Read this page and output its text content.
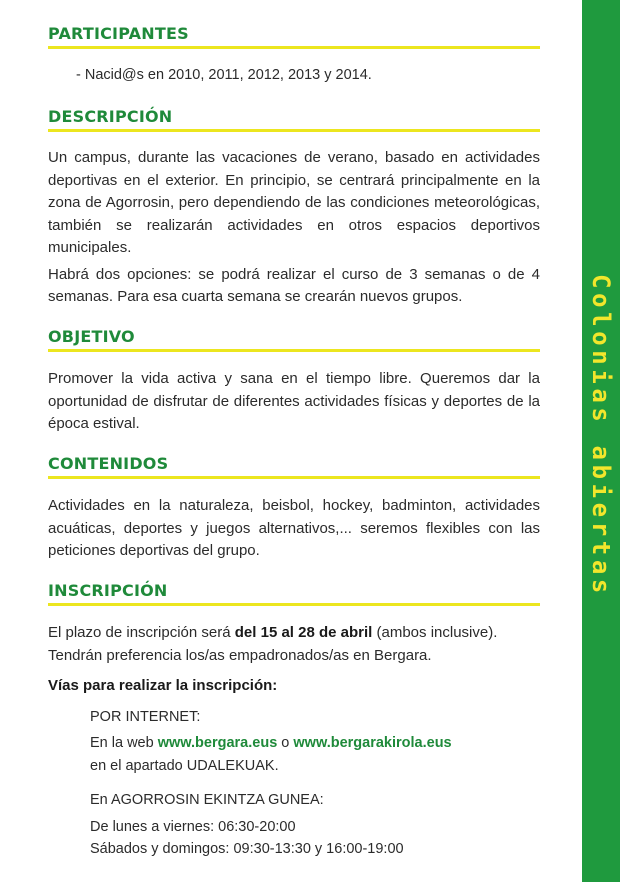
Colonias abiertas
PARTICIPANTES
- Nacid@s en 2010, 2011, 2012, 2013 y 2014.
DESCRIPCIÓN

Un campus, durante las vacaciones de verano, basado en actividades deportivas en el exterior. En principio, se centrará principalmente en la zona de Agorrosin, pero dependiendo de las condiciones meteorológicas, también se realizarán actividades en otros espacios deportivos municipales.

Habrá dos opciones: se podrá realizar el curso de 3 semanas o de 4 semanas. Para esa cuarta semana se crearán nuevos grupos.

OBJETIVO

Promover la vida activa y sana en el tiempo libre. Queremos dar la oportunidad de disfrutar de diferentes actividades físicas y deportes de la época estival.

CONTENIDOS

Actividades en la naturaleza, beisbol, hockey, badminton, actividades acuáticas, deportes y juegos alternativos,... seremos flexibles con las peticiones deportivas del grupo.

INSCRIPCIÓN

El plazo de inscripción será del 15 al 28 de abril (ambos inclusive).

Tendrán preferencia los/as empadronados/as en Bergara.

Vías para realizar la inscripción:

POR INTERNET:
En la web www.bergara.eus o www.bergarakirola.eus
en el apartado UDALEKUAK.
En AGORROSIN EKINTZA GUNEA:
De lunes a viernes: 06:30-20:00
Sábados y domingos: 09:30-13:30 y 16:00-19:00
